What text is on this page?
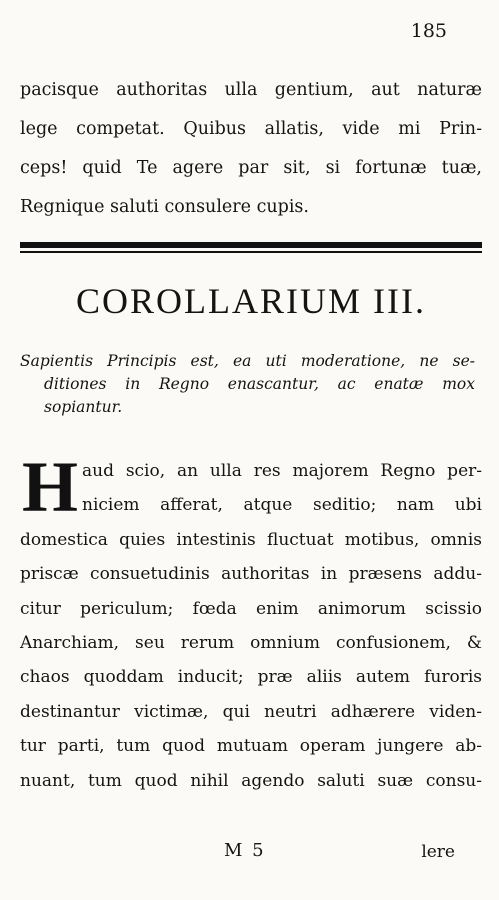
185
pacisque authoritas ulla gentium, aut naturæ
lege competat. Quibus allatis, vide mi Prin-
ceps! quid Te agere par sit, si fortunæ tuæ,
Regnique saluti consulere cupis.
COROLLARIUM III.
Sapientis Principis est, ea uti moderatione, ne se-
ditiones in Regno enascantur, ac enatæ mox
sopiantur.
H aud scio, an ulla res majorem Regno per-
niciem afferat, atque seditio; nam ubi
domestica quies intestinis fluctuat motibus, omnis
priscæ consuetudinis authoritas in præsens addu-
citur periculum; fœda enim animorum scissio
Anarchiam, seu rerum omnium confusionem, &
chaos quoddam inducit; præ aliis autem furoris
destinantur victimæ, qui neutri adhærere viden-
tur parti, tum quod mutuam operam jungere ab-
nuant, tum quod nihil agendo saluti suæ consu-
M 5	lere
